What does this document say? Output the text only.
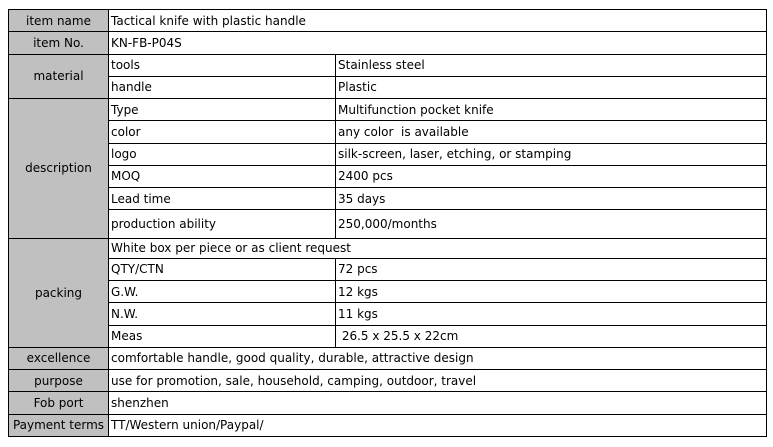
item name	Tactical knife with plastic handle	
item No.	KN-FB-P04S	
material	tools	Stainless steel
	handle	Plastic
description	Type	Multifunction pocket knife
	color	any color  is available
	logo	silk-screen, laser, etching, or stamping
	MOQ	2400 pcs
	Lead time	35 days
	production ability	250,000/months
packing	White box per piece or as client request	
	QTY/CTN	72 pcs
	G.W.	12 kgs
	N.W.	11 kgs
	Meas	26.5 x 25.5 x 22cm
excellence	comfortable handle, good quality, durable, attractive design	
purpose	use for promotion, sale, household, camping, outdoor, travel	
Fob port	shenzhen	
Payment terms	TT/Western union/Paypal/	
